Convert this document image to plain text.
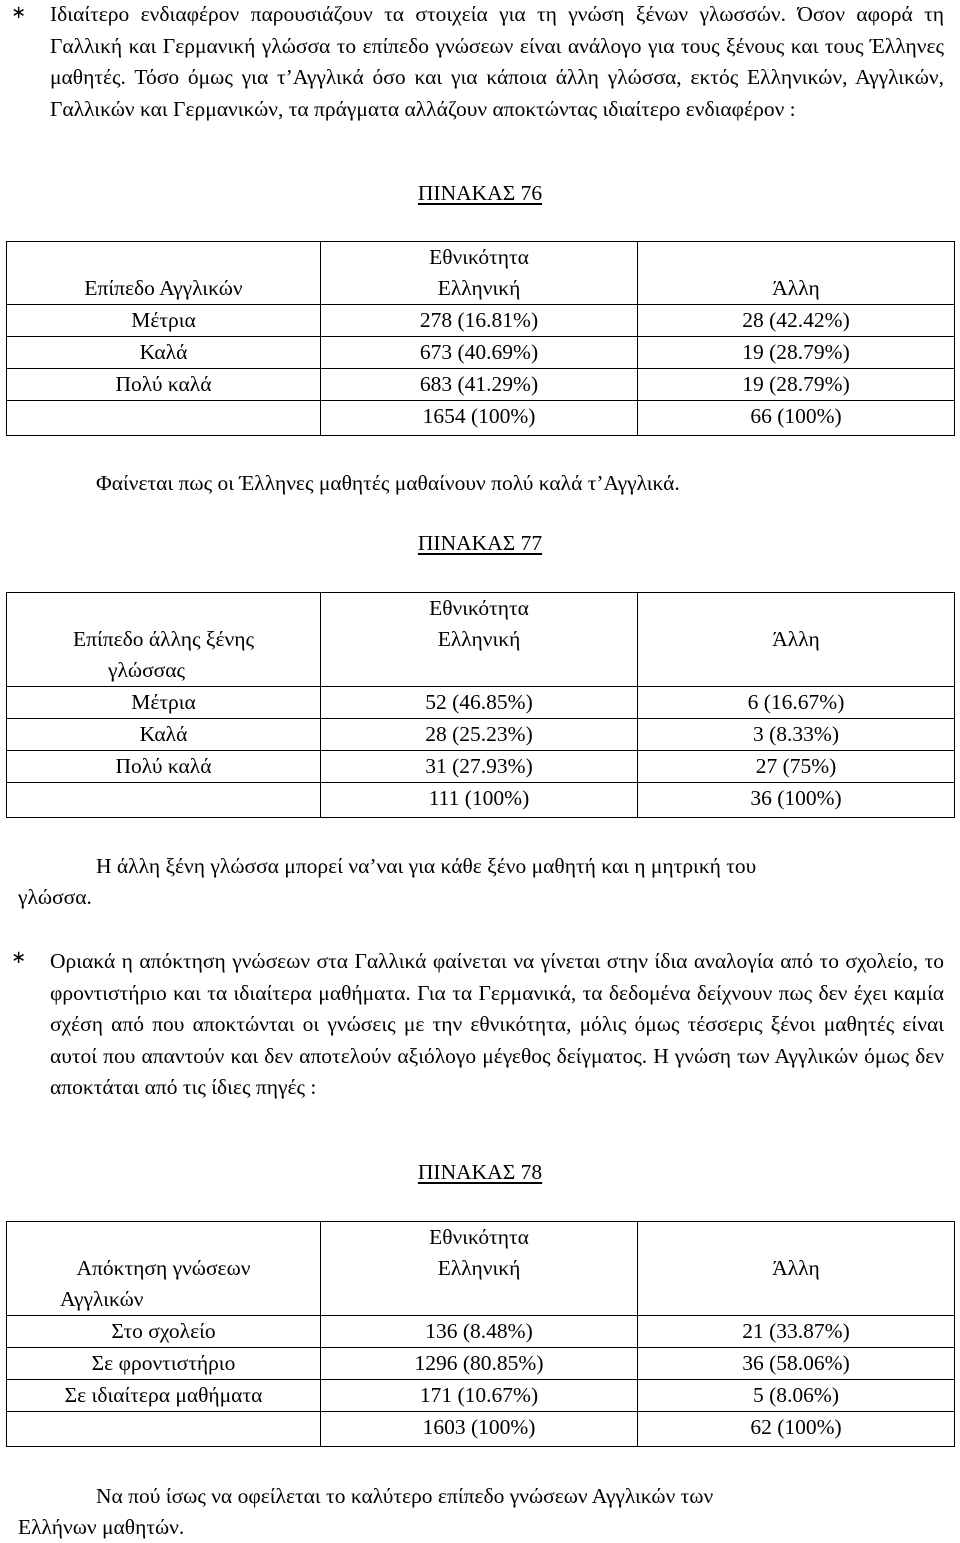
∗ Ιδιαίτερο ενδιαφέρον παρουσιάζουν τα στοιχεία για τη γνώση ξένων γλωσσών. Όσον αφορά τη Γαλλική και Γερμανική γλώσσα το επίπεδο γνώσεων είναι ανάλογο για τους ξένους και τους Έλληνες μαθητές. Τόσο όμως για τ’Αγγλικά όσο και για κάποια άλλη γλώσσα, εκτός Ελληνικών, Αγγλικών, Γαλλικών και Γερμανικών, τα πράγματα αλλάζουν αποκτώντας ιδιαίτερο ενδιαφέρον :
ΠΙΝΑΚΑΣ 76
	Εθνικότητα	
Επίπεδο Αγγλικών	Ελληνική	Άλλη
Μέτρια	278 (16.81%)	28 (42.42%)
Καλά	673 (40.69%)	19 (28.79%)
Πολύ καλά	683 (41.29%)	19 (28.79%)
	1654 (100%)	66 (100%)
Φαίνεται πως οι Έλληνες μαθητές μαθαίνουν πολύ καλά τ’Αγγλικά.
ΠΙΝΑΚΑΣ 77
	Εθνικότητα	

Επίπεδο άλλης ξένης
γλώσσας	Ελληνική	Άλλη
Μέτρια	52 (46.85%)	6 (16.67%)
Καλά	28 (25.23%)	3 (8.33%)
Πολύ καλά	31 (27.93%)	27 (75%)
	111 (100%)	36 (100%)
Η άλλη ξένη γλώσσα μπορεί να’ναι για κάθε ξένο μαθητή και η μητρική του
γλώσσα.
∗ Οριακά η απόκτηση γνώσεων στα Γαλλικά φαίνεται να γίνεται στην ίδια αναλογία από το σχολείο, το φροντιστήριο και τα ιδιαίτερα μαθήματα. Για τα Γερμανικά, τα δεδομένα δείχνουν πως δεν έχει καμία σχέση από που αποκτώνται οι γνώσεις με την εθνικότητα, μόλις όμως τέσσερις ξένοι μαθητές είναι αυτοί που απαντούν και δεν αποτελούν αξιόλογο μέγεθος δείγματος. Η γνώση των Αγγλικών όμως δεν αποκτάται από τις ίδιες πηγές :
ΠΙΝΑΚΑΣ 78
	Εθνικότητα	

Απόκτηση γνώσεων
Αγγλικών	Ελληνική	Άλλη
Στο σχολείο	136 (8.48%)	21 (33.87%)
Σε φροντιστήριο	1296 (80.85%)	36 (58.06%)
Σε ιδιαίτερα μαθήματα	171 (10.67%)	5 (8.06%)
	1603 (100%)	62 (100%)
Να πού ίσως να οφείλεται το καλύτερο επίπεδο γνώσεων Αγγλικών των
Ελλήνων μαθητών.
